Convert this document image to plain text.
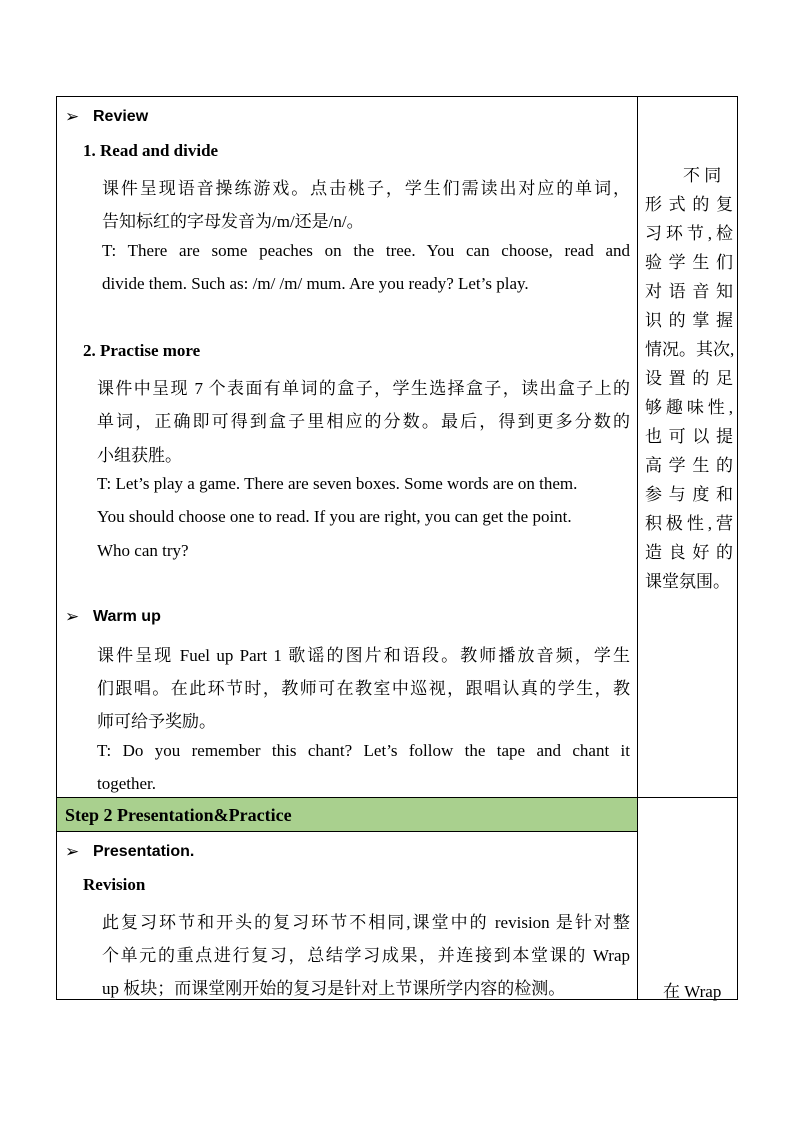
➢ Review
1. Read and divide
课件呈现语音操练游戏。点击桃子，学生们需读出对应的单词，
告知标红的字母发音为/m/还是/n/。
T: There are some peaches on the tree. You can choose, read and
divide them. Such as: /m/ /m/ mum. Are you ready? Let’s play.
2. Practise more
课件中呈现 7 个表面有单词的盒子，学生选择盒子，读出盒子上的
单词，正确即可得到盒子里相应的分数。最后，得到更多分数的
小组获胜。
T: Let’s play a game. There are seven boxes. Some words are on them.
You should choose one to read. If you are right, you can get the point.
Who can try?
➢ Warm up
课件呈现 Fuel up Part 1 歌谣的图片和语段。教师播放音频，学生
们跟唱。在此环节时，教师可在教室中巡视，跟唱认真的学生，教
师可给予奖励。
T: Do you remember this chant? Let’s follow the tape and chant it
together.
Step 2 Presentation&Practice
➢ Presentation.
Revision
此复习环节和开头的复习环节不相同,课堂中的 revision 是针对整
个单元的重点进行复习，总结学习成果，并连接到本堂课的 Wrap
up 板块；而课堂刚开始的复习是针对上节课所学内容的检测。
不 同
形式的复
习环节,检
验学生们
对语音知
识的掌握
情况。其次,
设置的足
够趣味性,
也可以提
高学生的
参与度和
积极性,营
造良好的
课堂氛围。
在 Wrap
